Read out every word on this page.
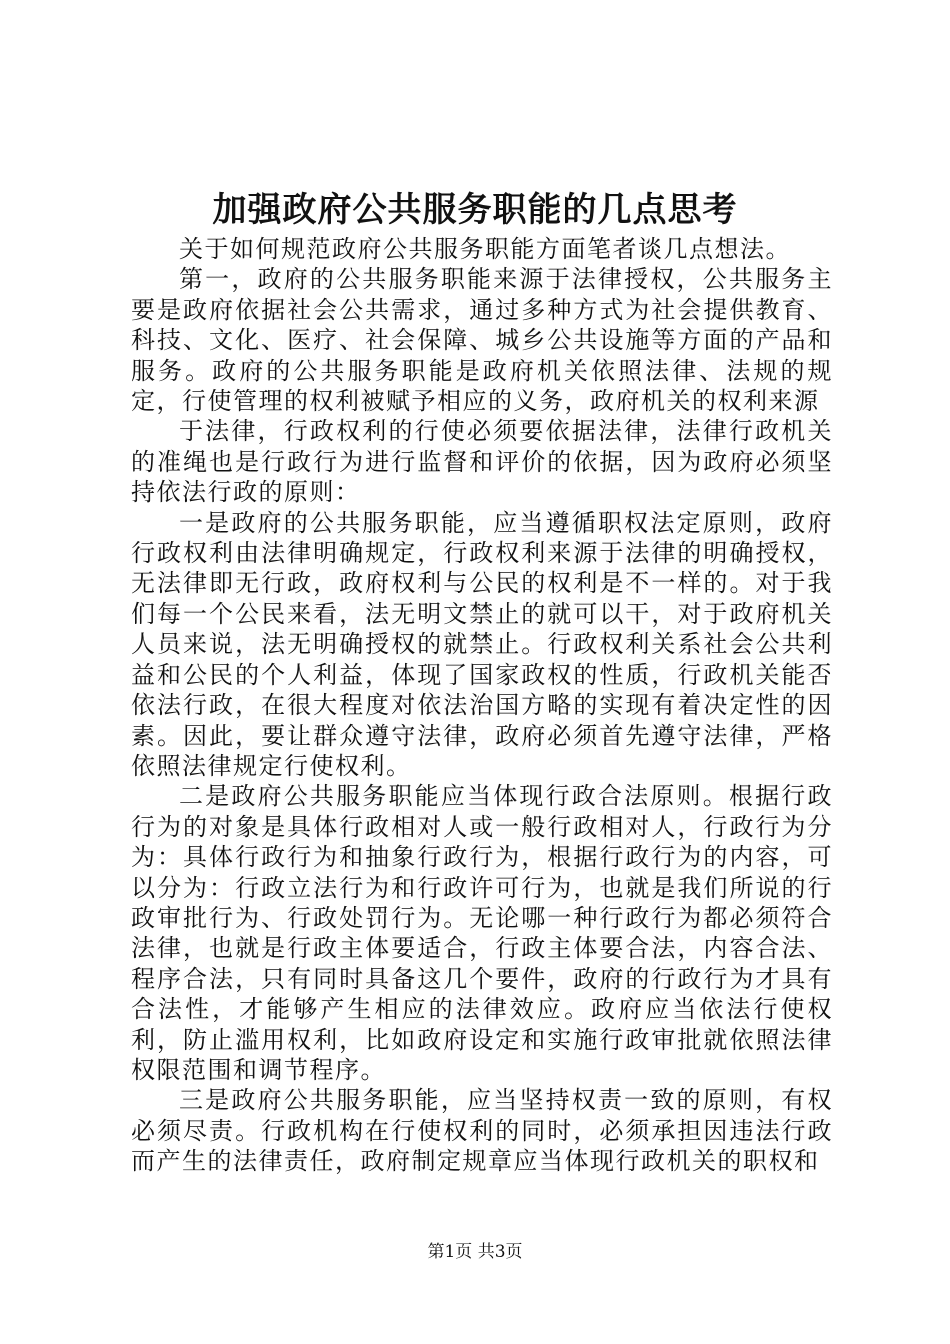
加强政府公共服务职能的几点思考

关于如何规范政府公共服务职能方面笔者谈几点想法。

第一，政府的公共服务职能来源于法律授权，公共服务主要是政府依据社会公共需求，通过多种方式为社会提供教育、科技、文化、医疗、社会保障、城乡公共设施等方面的产品和服务。政府的公共服务职能是政府机关依照法律、法规的规定，行使管理的权利被赋予相应的义务，政府机关的权利来源

于法律，行政权利的行使必须要依据法律，法律行政机关的准绳也是行政行为进行监督和评价的依据，因为政府必须坚持依法行政的原则：

一是政府的公共服务职能，应当遵循职权法定原则，政府行政权利由法律明确规定，行政权利来源于法律的明确授权，无法律即无行政，政府权利与公民的权利是不一样的。对于我们每一个公民来看，法无明文禁止的就可以干，对于政府机关人员来说，法无明确授权的就禁止。行政权利关系社会公共利益和公民的个人利益，体现了国家政权的性质，行政机关能否依法行政，在很大程度对依法治国方略的实现有着决定性的因素。因此，要让群众遵守法律，政府必须首先遵守法律，严格依照法律规定行使权利。

二是政府公共服务职能应当体现行政合法原则。根据行政行为的对象是具体行政相对人或一般行政相对人，行政行为分为：具体行政行为和抽象行政行为，根据行政行为的内容，可以分为：行政立法行为和行政许可行为，也就是我们所说的行政审批行为、行政处罚行为。无论哪一种行政行为都必须符合法律，也就是行政主体要适合，行政主体要合法，内容合法、程序合法，只有同时具备这几个要件，政府的行政行为才具有合法性，才能够产生相应的法律效应。政府应当依法行使权利，防止滥用权利，比如政府设定和实施行政审批就依照法律权限范围和调节程序。

三是政府公共服务职能，应当坚持权责一致的原则，有权必须尽责。行政机构在行使权利的同时，必须承担因违法行政而产生的法律责任，政府制定规章应当体现行政机关的职权和

第1页 共3页
